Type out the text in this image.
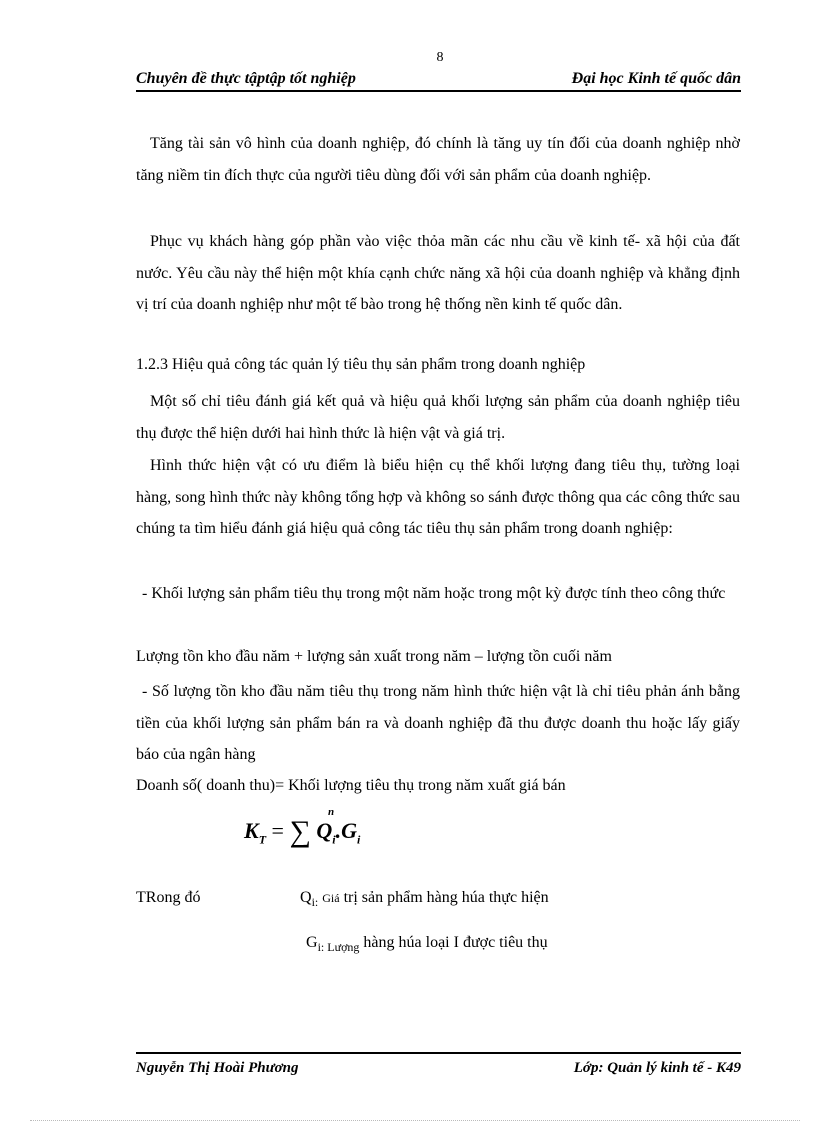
8
Chuyên đề thực tậptập tốt nghiệp	Đại học Kinh tế quốc dân
Tăng tài sản vô hình của doanh nghiệp, đó chính là tăng uy tín đối của doanh nghiệp nhờ tăng niềm tin đích thực của người tiêu dùng đối với sản phẩm của doanh nghiệp.
Phục vụ khách hàng góp phần vào việc thỏa mãn các nhu cầu về kinh tế- xã hội của đất nước. Yêu cầu này thể hiện một khía cạnh chức năng xã hội của doanh nghiệp và khẳng định vị trí của doanh nghiệp như một tế bào trong hệ thống nền kinh tế quốc dân.
1.2.3 Hiệu quả công tác quản lý tiêu thụ sản phẩm trong doanh nghiệp
Một số chỉ tiêu đánh giá kết quả và hiệu quả khối lượng sản phẩm của doanh nghiệp tiêu thụ được thể hiện dưới hai hình thức là hiện vật và giá trị.
Hình thức hiện vật có ưu điểm là biểu hiện cụ thể khối lượng đang tiêu thụ, tường loại hàng, song hình thức này không tổng hợp và không so sánh được thông qua các công thức sau chúng ta tìm hiểu đánh giá hiệu quả công tác tiêu thụ sản phẩm trong doanh nghiệp:
- Khối lượng sản phẩm tiêu thụ trong một năm hoặc trong một kỳ được tính theo công thức
Lượng tồn kho đầu năm + lượng sản xuất trong năm – lượng tồn cuối năm
- Số lượng tồn kho đầu năm tiêu thụ trong năm hình thức hiện vật là chỉ tiêu phản ánh bằng tiền của khối lượng sản phẩm bán ra và doanh nghiệp đã thu được doanh thu hoặc lấy giấy báo của ngân hàng
Doanh số( doanh thu)= Khối lượng tiêu thụ trong năm xuất giá bán
$K_T$ = ∑
n
$Q_i.G_i$
TRong đó	$Q_{i:}$ Giá trị sản phẩm hàng húa thực hiện
$G_{i: Lượng}$ hàng húa loại I được tiêu thụ
Nguyễn Thị Hoài Phương	Lớp: Quản lý kinh tế - K49
